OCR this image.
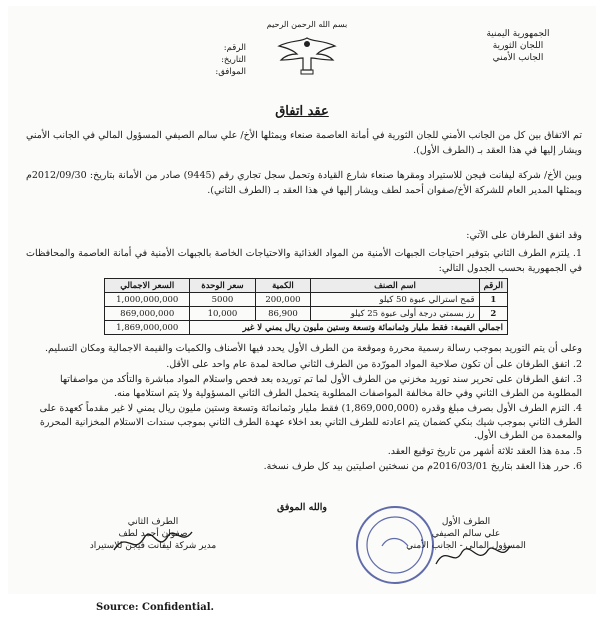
الجمهورية اليمنية
اللجان الثورية
الجانب الأمني
بسم الله الرحمن الرحيم
الرقم:
التاريخ:
الموافق:
عقد اتفاق
تم الاتفاق بين كل من الجانب الأمني للجان الثورية في أمانة العاصمة صنعاء ويمثلها الأخ/ علي سالم الصيفي المسؤول المالي في الجانب الأمني ويشار إليها في هذا العقد بـ (الطرف الأول).
وبين الأخ/ شركة ليفانت فيجن للاستيراد ومقرها صنعاء شارع القيادة وتحمل سجل تجاري رقم (9445) صادر من الأمانة بتاريخ: 2012/09/30م ويمثلها المدير العام للشركة الأخ/صفوان أحمد لطف ويشار إليها في هذا العقد بـ (الطرف الثاني).
وقد اتفق الطرفان على الآتي:
1. يلتزم الطرف الثاني بتوفير احتياجات الجبهات الأمنية من المواد الغذائية والاحتياجات الخاصة بالجبهات الأمنية في أمانة العاصمة والمحافظات في الجمهورية بحسب الجدول التالي:
الرقم	اسم الصنف	الكمية	سعر الوحدة	السعر الاجمالي
1	قمح استرالي عبوة 50 كيلو	200,000	5000	1,000,000,000
2	رز بسمتي درجة أولى عبوة 25 كيلو	86,900	10,000	869,000,000
اجمالي القيمة: فقط مليار وثمانمائة وتسعة وستين مليون ريال يمني لا غير				1,869,000,000
وعلى أن يتم التوريد بموجب رسالة رسمية محررة وموقعة من الطرف الأول يحدد فيها الأصناف والكميات والقيمة الاجمالية ومكان التسليم.
2. اتفق الطرفان على أن تكون صلاحية المواد المورّدة من الطرف الثاني صالحة لمدة عام واحد على الأقل.
3. اتفق الطرفان على تحرير سند توريد مخزني من الطرف الأول لما تم توريده بعد فحص واستلام المواد مباشرة والتأكد من مواصفاتها المطلوبة من الطرف الثاني وفي حالة مخالفة المواصفات المطلوبة يتحمل الطرف الثاني المسؤولية ولا يتم استلامها منه.
4. التزم الطرف الأول بصرف مبلغ وقدره (1,869,000,000) فقط مليار وثمانمائة وتسعة وستين مليون ريال يمني لا غير مقدماً كعهدة على الطرف الثاني بموجب شيك بنكي كضمان يتم اعادته للطرف الثاني بعد اخلاء عهدة الطرف الثاني بموجب سندات الاستلام المخزانية المحررة والمعمدة من الطرف الأول.
5. مدة هذا العقد ثلاثة أشهر من تاريخ توقيع العقد.
6. حرر هذا العقد بتاريخ 2016/03/01م من نسختين اصليتين بيد كل طرف نسخة.
والله الموفق
الطرف الثاني
صفوان أحمد لطف
مدير شركة ليفانت فيجن للاستيراد
الطرف الأول
علي سالم الصيفي
المسؤول المالي - الجانب الأمني
Source: Confidential.
